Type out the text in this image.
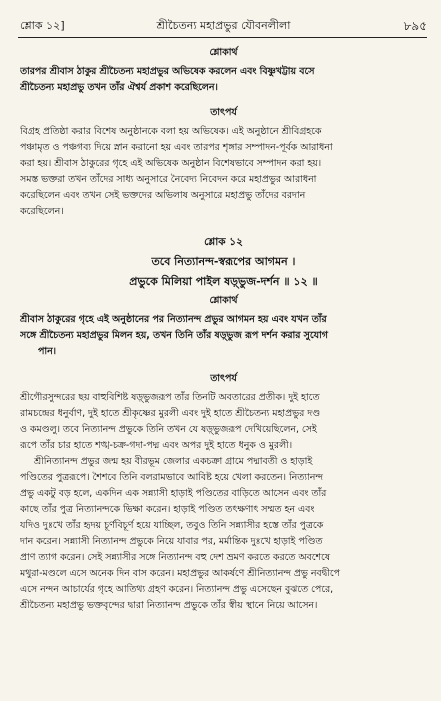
শ্লোক ১২]	শ্রীচৈতন্য মহাপ্রভুর যৌবনলীলা	৮৯৫
শ্লোকার্থ
তারপর শ্রীবাস ঠাকুর শ্রীচৈতন্য মহাপ্রভুর অভিষেক করলেন এবং বিষ্ণুখট্টায় বসে
শ্রীচৈতন্য মহাপ্রভু তখন তাঁর ঐশ্বর্য প্রকাশ করেছিলেন।
তাৎপর্য
বিগ্রহ প্রতিষ্ঠা করার বিশেষ অনুষ্ঠানকে বলা হয় অভিষেক। এই অনুষ্ঠানে শ্রীবিগ্রহকে
পঞ্চামৃত ও পঞ্চগব্য দিয়ে স্নান করানো হয় এবং তারপর শৃঙ্গার সম্পাদন-পূর্বক আরাধনা
করা হয়। শ্রীবাস ঠাকুরের গৃহে এই অভিষেক অনুষ্ঠান বিশেষভাবে সম্পাদন করা হয়।
সমস্ত ভক্তরা তখন তাঁদের সাধ্য অনুসারে নৈবেদ্য নিবেদন করে মহাপ্রভুর আরাধনা
করেছিলেন এবং তখন সেই ভক্তদের অভিলাষ অনুসারে মহাপ্রভু তাঁদের বরদান
করেছিলেন।
শ্লোক ১২
তবে নিত্যানন্দ-স্বরূপের আগমন ।
প্রভুকে মিলিয়া পাইল ষড়্‌ভুজ-দর্শন ॥ ১২ ॥
শ্লোকার্থ
শ্রীবাস ঠাকুরের গৃহে এই অনুষ্ঠানের পর নিত্যানন্দ প্রভুর আগমন হয় এবং যখন তাঁর
সঙ্গে শ্রীচৈতন্য মহাপ্রভুর মিলন হয়, তখন তিনি তাঁর ষড়্‌ভুজ রূপ দর্শন করার সুযোগ
পান।
তাৎপর্য
শ্রীগৌরসুন্দরের ছয় বাহুবিশিষ্ট ষড়্‌ভুজরূপ তাঁর তিনটি অবতারের প্রতীক। দুই হাতে
রামচন্দ্রের ধনুর্বাণ, দুই হাতে শ্রীকৃষ্ণের মুরলী এবং দুই হাতে শ্রীচৈতন্য মহাপ্রভুর দণ্ড
ও কমণ্ডলু। তবে নিত্যানন্দ প্রভুকে তিনি তখন যে ষড়্‌ভুজরূপ দেখিয়েছিলেন, সেই
রূপে তাঁর চার হাতে শঙ্খ-চক্র-গদা-পদ্ম এবং অপর দুই হাতে ধনুক ও মুরলী।
শ্রীনিত্যানন্দ প্রভুর জন্ম হয় বীরভূম জেলার একচক্রা গ্রামে পদ্মাবতী ও হাড়াই
পণ্ডিতের পুত্ররূপে। শৈশবে তিনি বলরামভাবে আবিষ্ট হয়ে খেলা করতেন। নিত্যানন্দ
প্রভু একটু বড় হলে, একদিন এক সন্ন্যাসী হাড়াই পণ্ডিতের বাড়িতে আসেন এবং তাঁর
কাছে তাঁর পুত্র নিত্যানন্দকে ভিক্ষা করেন। হাড়াই পণ্ডিত তৎক্ষণাৎ সম্মত হন এবং
যদিও দুঃখে তাঁর হৃদয় চূর্ণবিচূর্ণ হয়ে যাচ্ছিল, তবুও তিনি সন্ন্যাসীর হস্তে তাঁর পুত্রকে
দান করেন। সন্ন্যাসী নিত্যানন্দ প্রভুকে নিয়ে যাবার পর, মর্মান্তিক দুঃখে হাড়াই পণ্ডিত
প্রাণ ত্যাগ করেন। সেই সন্ন্যাসীর সঙ্গে নিত্যানন্দ বহু দেশ ভ্রমণ করতে করতে অবশেষে
মথুরা-মণ্ডলে এসে অনেক দিন বাস করেন। মহাপ্রভুর আকর্ষণে শ্রীনিত্যানন্দ প্রভু নবদ্বীপে
এসে নন্দন আচার্যের গৃহে আতিথ্য গ্রহণ করেন। নিত্যানন্দ প্রভু এসেছেন বুঝতে পেরে,
শ্রীচৈতন্য মহাপ্রভু ভক্তবৃন্দের দ্বারা নিত্যানন্দ প্রভুকে তাঁর স্বীয় স্থানে নিয়ে আসেন।
